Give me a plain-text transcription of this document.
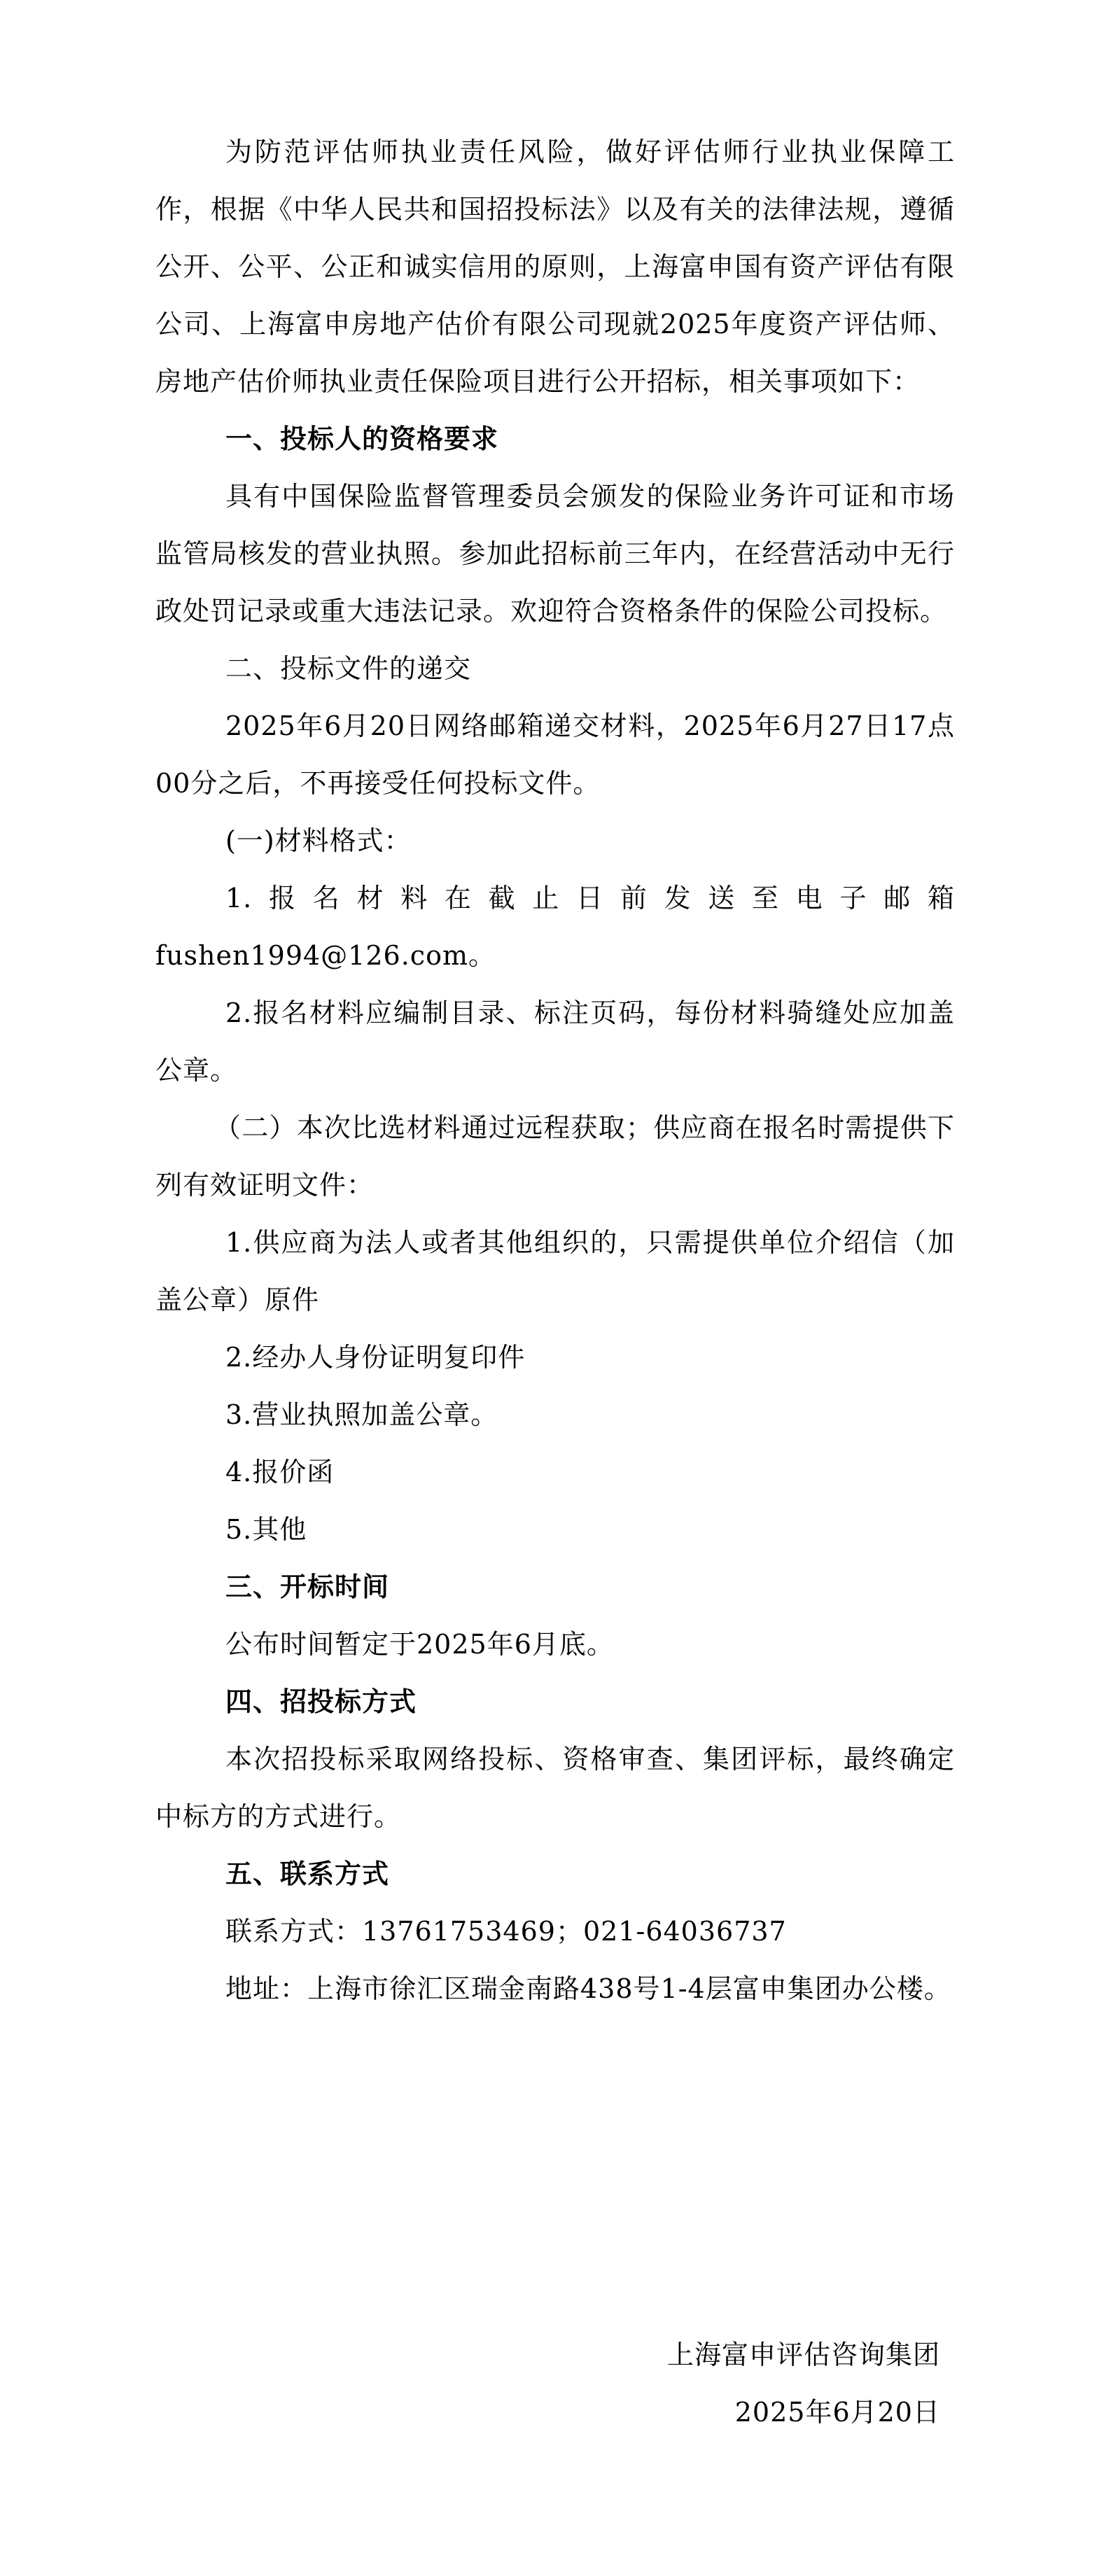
为防范评估师执业责任风险，做好评估师行业执业保障工作，根据《中华人民共和国招投标法》以及有关的法律法规，遵循公开、公平、公正和诚实信用的原则，上海富申国有资产评估有限公司、上海富申房地产估价有限公司现就2025年度资产评估师、房地产估价师执业责任保险项目进行公开招标，相关事项如下：

一、投标人的资格要求

具有中国保险监督管理委员会颁发的保险业务许可证和市场监管局核发的营业执照。参加此招标前三年内，在经营活动中无行政处罚记录或重大违法记录。欢迎符合资格条件的保险公司投标。

二、投标文件的递交

2025年6月20日网络邮箱递交材料，2025年6月27日17点00分之后，不再接受任何投标文件。

(一)材料格式：

1.报名材料在截止日前发送至电子邮箱fushen1994@126.com。

2.报名材料应编制目录、标注页码，每份材料骑缝处应加盖公章。

（二）本次比选材料通过远程获取；供应商在报名时需提供下列有效证明文件：

1.供应商为法人或者其他组织的，只需提供单位介绍信（加盖公章）原件

2.经办人身份证明复印件

3.营业执照加盖公章。

4.报价函

5.其他

三、开标时间

公布时间暂定于2025年6月底。

四、招投标方式

本次招投标采取网络投标、资格审查、集团评标，最终确定中标方的方式进行。

五、联系方式

联系方式：13761753469；021-64036737

地址：上海市徐汇区瑞金南路438号1-4层富申集团办公楼。

上海富申评估咨询集团
2025年6月20日
